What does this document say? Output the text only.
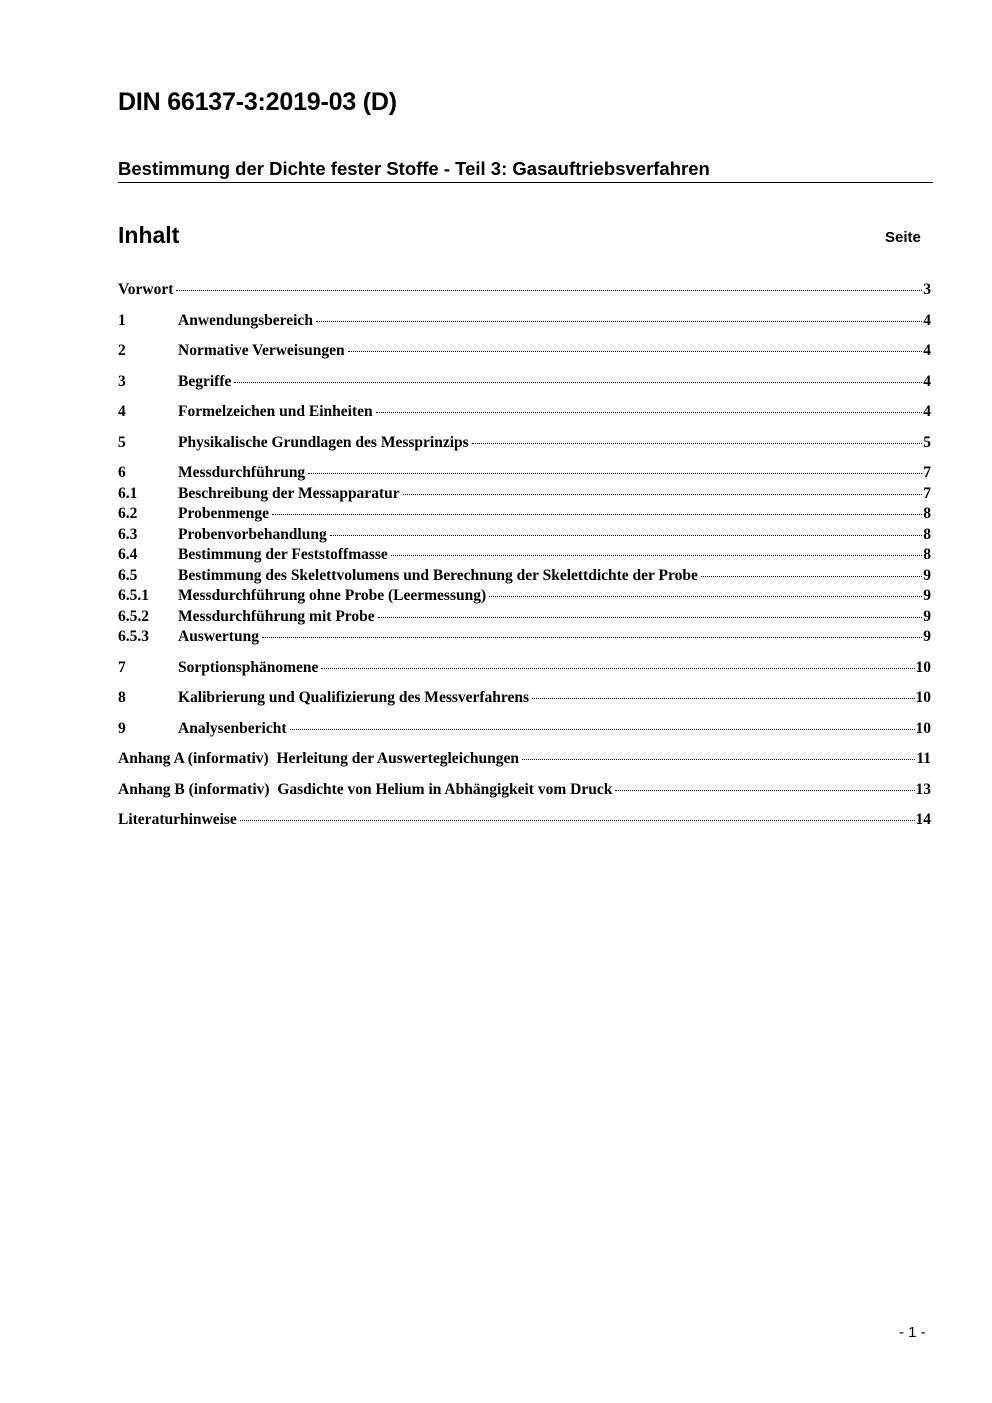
DIN 66137-3:2019-03 (D)
Bestimmung der Dichte fester Stoffe - Teil 3: Gasauftriebsverfahren
Inhalt	Seite
Vorwort	3
1	Anwendungsbereich	4
2	Normative Verweisungen	4
3	Begriffe	4
4	Formelzeichen und Einheiten	4
5	Physikalische Grundlagen des Messprinzips	5
6	Messdurchführung	7
6.1	Beschreibung der Messapparatur	7
6.2	Probenmenge	8
6.3	Probenvorbehandlung	8
6.4	Bestimmung der Feststoffmasse	8
6.5	Bestimmung des Skelettvolumens und Berechnung der Skelettdichte der Probe	9
6.5.1	Messdurchführung ohne Probe (Leermessung)	9
6.5.2	Messdurchführung mit Probe	9
6.5.3	Auswertung	9
7	Sorptionsphänomene	10
8	Kalibrierung und Qualifizierung des Messverfahrens	10
9	Analysenbericht	10
Anhang A (informativ)  Herleitung der Auswertegleichungen	11
Anhang B (informativ)  Gasdichte von Helium in Abhängigkeit vom Druck	13
Literaturhinweise	14
- 1 -
